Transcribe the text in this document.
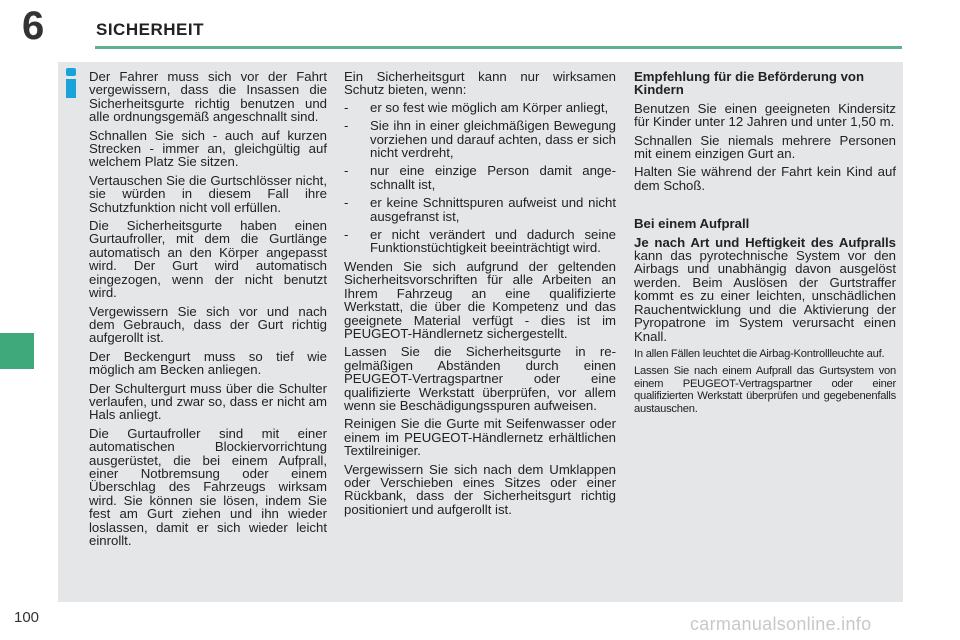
6	SICHERHEIT

Der Fahrer muss sich vor der Fahrt vergewissern, dass die Insassen die Sicherheitsgurte richtig benutzen und alle ordnungsgemäß angeschnallt sind.

Schnallen Sie sich - auch auf kurzen Strecken - immer an, gleichgültig auf welchem Platz Sie sitzen.

Vertauschen Sie die Gurtschlösser nicht, sie würden in diesem Fall ihre Schutzfunktion nicht voll erfüllen.

Die Sicherheitsgurte haben einen Gurtaufroller, mit dem die Gurtlänge automatisch an den Körper angepasst wird. Der Gurt wird automatisch eingezogen, wenn der nicht benutzt wird.

Vergewissern Sie sich vor und nach dem Gebrauch, dass der Gurt richtig aufgerollt ist.

Der Beckengurt muss so tief wie möglich am Becken anliegen.

Der Schultergurt muss über die Schulter verlaufen, und zwar so, dass er nicht am Hals anliegt.

Die Gurtaufroller sind mit einer automatischen Blockiervorrichtung ausgerüstet, die bei einem Aufprall, einer Notbremsung oder einem Überschlag des Fahrzeugs wirksam wird. Sie können sie lösen, indem Sie fest am Gurt ziehen und ihn wieder loslassen, damit er sich wieder leicht einrollt.

Ein Sicherheitsgurt kann nur wirksamen Schutz bieten, wenn:

- er so fest wie möglich am Körper anliegt,
- Sie ihn in einer gleichmäßigen Bewegung vorziehen und darauf achten, dass er sich nicht verdreht,
- nur eine einzige Person damit angeschnallt ist,
- er keine Schnittspuren aufweist und nicht ausgefranst ist,
- er nicht verändert und dadurch seine Funktionstüchtigkeit beeinträchtigt wird.

Wenden Sie sich aufgrund der geltenden Sicherheitsvorschriften für alle Arbeiten an Ihrem Fahrzeug an eine qualifizierte Werkstatt, die über die Kompetenz und das geeignete Material verfügt - dies ist im PEUGEOT-Händlernetz sichergestellt.

Lassen Sie die Sicherheitsgurte in regelmäßigen Abständen durch einen PEUGEOT-Vertragspartner oder eine qualifizierte Werkstatt überprüfen, vor allem wenn sie Beschädigungsspuren aufweisen.

Reinigen Sie die Gurte mit Seifenwasser oder einem im PEUGEOT-Händlernetz erhältlichen Textilreiniger.

Vergewissern Sie sich nach dem Umklappen oder Verschieben eines Sitzes oder einer Rückbank, dass der Sicherheitsgurt richtig positioniert und aufgerollt ist.

Empfehlung für die Beförderung von Kindern

Benutzen Sie einen geeigneten Kindersitz für Kinder unter 12 Jahren und unter 1,50 m.

Schnallen Sie niemals mehrere Personen mit einem einzigen Gurt an.

Halten Sie während der Fahrt kein Kind auf dem Schoß.

Bei einem Aufprall

Je nach Art und Heftigkeit des Aufpralls kann das pyrotechnische System vor den Airbags und unabhängig davon ausgelöst werden. Beim Auslösen der Gurtstraffer kommt es zu einer leichten, unschädlichen Rauchentwicklung und die Aktivierung der Pyropatrone im System verursacht einen Knall.

In allen Fällen leuchtet die Airbag-Kontrollleuchte auf.

Lassen Sie nach einem Aufprall das Gurtsystem von einem PEUGEOT-Vertragspartner oder einer qualifizierten Werkstatt überprüfen und gegebenenfalls austauschen.

100	carmanualsonline.info
